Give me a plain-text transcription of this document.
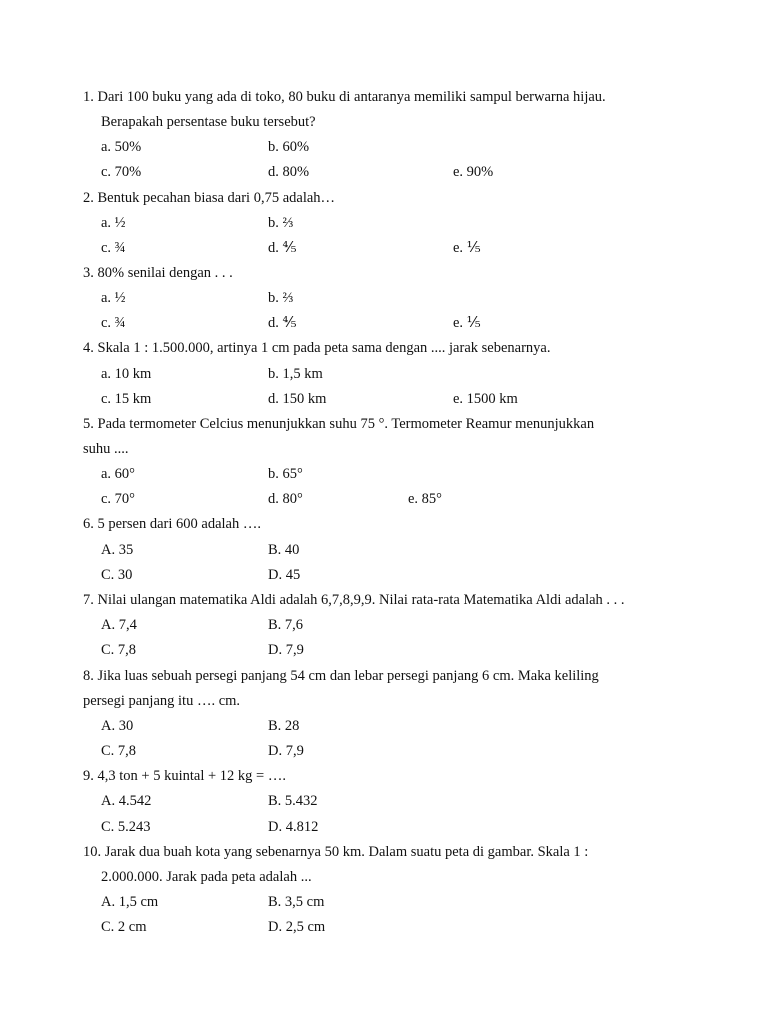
1. Dari 100 buku yang ada di toko, 80 buku di antaranya memiliki sampul berwarna hijau.
Berapakah persentase buku tersebut?
a. 50%	b. 60%
c. 70%	d. 80%	e. 90%
2. Bentuk pecahan biasa dari 0,75 adalah…
a. ½	b. ⅔
c. ¾	d. ⅘	e. ⅕
3. 80% senilai dengan . . .
a. ½	b. ⅔
c. ¾	d. ⅘	e. ⅕
4. Skala 1 : 1.500.000, artinya 1 cm pada peta sama dengan .... jarak sebenarnya.
a. 10 km	b. 1,5 km
c. 15 km	d. 150 km	e. 1500 km
5. Pada termometer Celcius menunjukkan suhu 75 °. Termometer Reamur menunjukkan
suhu ....
a. 60°	b. 65°
c. 70°	d. 80°	e. 85°
6. 5 persen dari 600 adalah ….
A. 35	B. 40
C. 30	D. 45
7. Nilai ulangan matematika Aldi adalah 6,7,8,9,9. Nilai rata-rata Matematika Aldi adalah . . .
A. 7,4	B. 7,6
C. 7,8	D. 7,9
8. Jika luas sebuah persegi panjang 54 cm dan lebar persegi panjang 6 cm. Maka keliling
persegi panjang itu …. cm.
A. 30	B. 28
C. 7,8	D. 7,9
9. 4,3 ton + 5 kuintal + 12 kg = ….
A. 4.542	B. 5.432
C. 5.243	D. 4.812
10. Jarak dua buah kota yang sebenarnya 50 km. Dalam suatu peta di gambar. Skala 1 :
2.000.000. Jarak pada peta adalah ...
A. 1,5 cm	B. 3,5 cm
C. 2 cm	D. 2,5 cm
